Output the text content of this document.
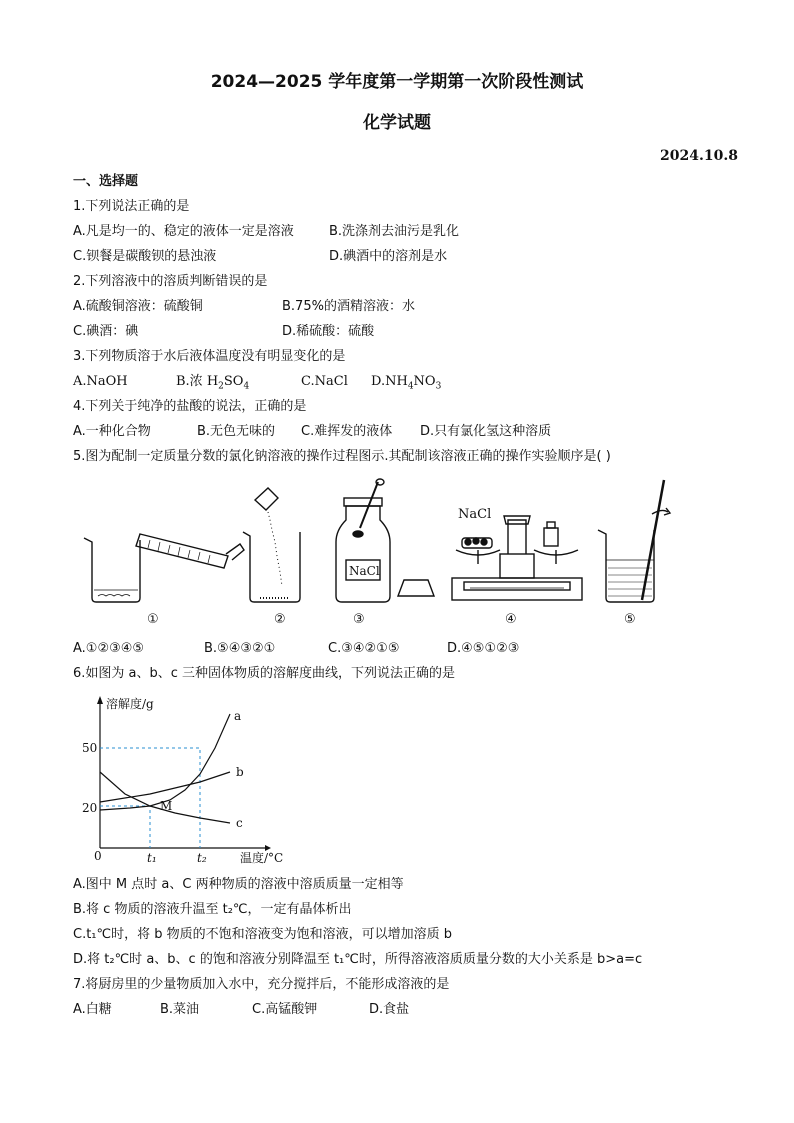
2024—2025 学年度第一学期第一次阶段性测试
化学试题
2024.10.8
一、选择题
1.下列说法正确的是
A.凡是均一的、稳定的液体一定是溶液	B.洗涤剂去油污是乳化
C.钡餐是碳酸钡的悬浊液	D.碘酒中的溶剂是水
2.下列溶液中的溶质判断错误的是
A.硫酸铜溶液：硫酸铜	B.75%的酒精溶液：水
C.碘酒：碘	D.稀硫酸：硫酸
3.下列物质溶于水后液体温度没有明显变化的是
A.NaOH	B.浓 $H_2SO_4$	C.NaCl $D.NH_4NO_3$
4.下列关于纯净的盐酸的说法，正确的是
A.一种化合物	B.无色无味的 C.难挥发的液体 D.只有氯化氢这种溶质
5.图为配制一定质量分数的氯化钠溶液的操作过程图示.其配制该溶液正确的操作实验顺序是( )
NaCl
NaCl
①	②	③	④	⑤
A.①②③④⑤	B.⑤④③②①	C.③④②①⑤	D.④⑤①②③
6.如图为 a、b、c 三种固体物质的溶解度曲线，下列说法正确的是
溶解度/g
温度/°C
0
50
20
t₁	t₂
a
b
c
M
A.图中 M 点时 a、C 两种物质的溶液中溶质质量一定相等
B.将 c 物质的溶液升温至 t₂℃，一定有晶体析出
C.t₁℃时，将 b 物质的不饱和溶液变为饱和溶液，可以增加溶质 b
D.将 t₂℃时 a、b、c 的饱和溶液分别降温至 t₁℃时，所得溶液溶质质量分数的大小关系是 b>a=c
7.将厨房里的少量物质加入水中，充分搅拌后，不能形成溶液的是
A.白糖	B.菜油	C.高锰酸钾	D.食盐
